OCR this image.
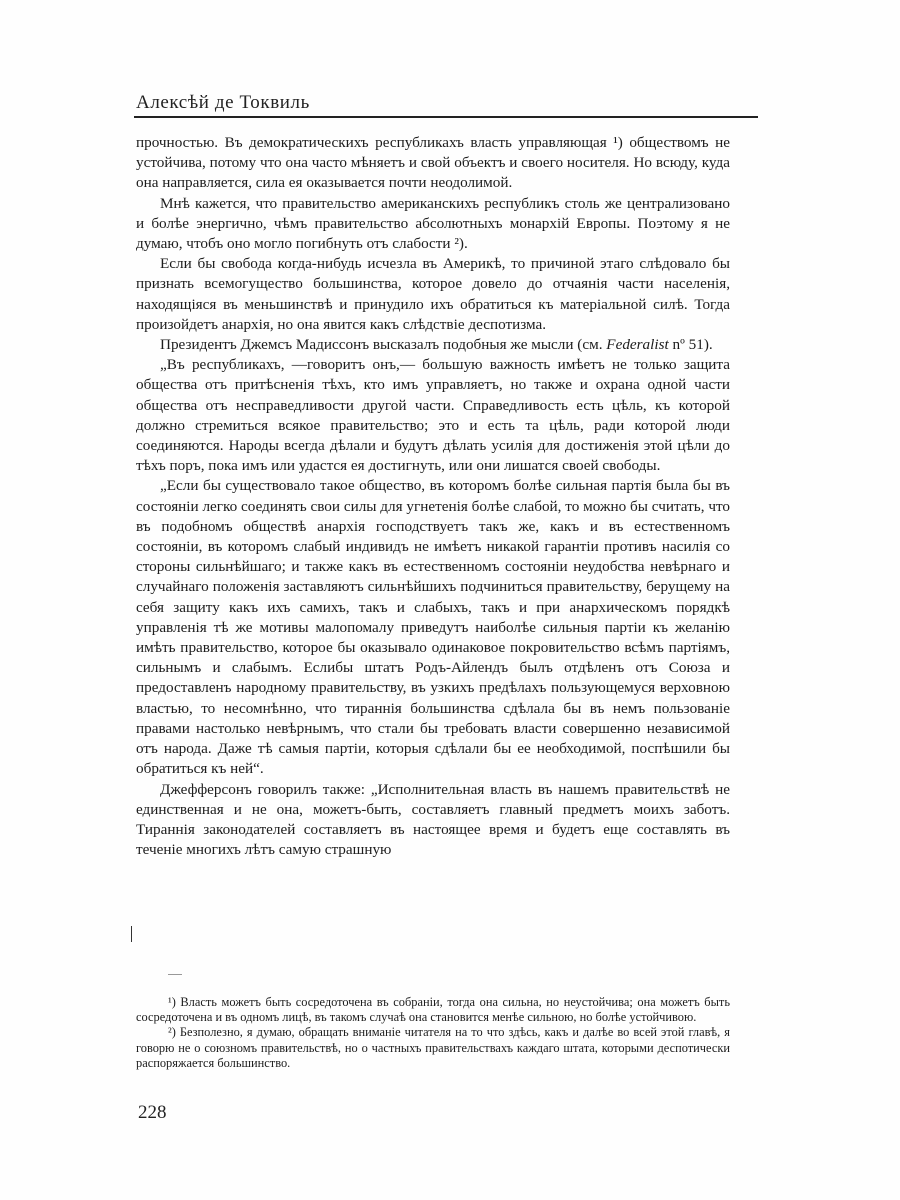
Алексѣй де Токвиль

прочностью. Въ демократическихъ республикахъ власть управляющая ¹) обществомъ не устойчива, потому что она часто мѣняетъ и свой объектъ и своего носителя. Но всюду, куда она направляется, сила ея оказывается почти неодолимой.

Мнѣ кажется, что правительство американскихъ республикъ столь же централизовано и болѣе энергично, чѣмъ правительство абсолютныхъ монархій Европы. Поэтому я не думаю, чтобъ оно могло погибнуть отъ слабости ²).

Если бы свобода когда-нибудь исчезла въ Америкѣ, то причиной этаго слѣдовало бы признать всемогущество большинства, которое довело до отчаянія части населенія, находящіяся въ меньшинствѣ и принудило ихъ обратиться къ матеріальной силѣ. Тогда произойдетъ анархія, но она явится какъ слѣдствіе деспотизма.

Президентъ Джемсъ Мадиссонъ высказалъ подобныя же мысли (см. Federalist nº 51).

„Въ республикахъ, —говоритъ онъ,— большую важность имѣетъ не только защита общества отъ притѣсненія тѣхъ, кто имъ управляетъ, но также и охрана одной части общества отъ несправедливости другой части. Справедливость есть цѣль, къ которой должно стремиться всякое правительство; это и есть та цѣль, ради которой люди соединяются. Народы всегда дѣлали и будутъ дѣлать усилія для достиженія этой цѣли до тѣхъ поръ, пока имъ или удастся ея достигнуть, или они лишатся своей свободы.

„Если бы существовало такое общество, въ которомъ болѣе сильная партія была бы въ состояніи легко соединять свои силы для угнетенія болѣе слабой, то можно бы считать, что въ подобномъ обществѣ анархія господствуетъ такъ же, какъ и въ естественномъ состояніи, въ которомъ слабый индивидъ не имѣетъ никакой гарантіи противъ насилія со стороны сильнѣйшаго; и также какъ въ естественномъ состояніи неудобства невѣрнаго и случайнаго положенія заставляютъ сильнѣйшихъ подчиниться правительству, берущему на себя защиту какъ ихъ самихъ, такъ и слабыхъ, такъ и при анархическомъ порядкѣ управленія тѣ же мотивы малопомалу приведутъ наиболѣе сильныя партіи къ желанію имѣть правительство, которое бы оказывало одинаковое покровительство всѣмъ партіямъ, сильнымъ и слабымъ. Еслибы штатъ Родъ-Айлендъ былъ отдѣленъ отъ Союза и предоставленъ народному правительству, въ узкихъ предѣлахъ пользующемуся верховною властью, то несомнѣнно, что тираннія большинства сдѣлала бы въ немъ пользованіе правами настолько невѣрнымъ, что стали бы требовать власти совершенно независимой отъ народа. Даже тѣ самыя партіи, которыя сдѣлали бы ее необходимой, поспѣшили бы обратиться къ ней“.

Джефферсонъ говорилъ также: „Исполнительная власть въ нашемъ правительствѣ не единственная и не она, можетъ-быть, составляетъ главный предметъ моихъ заботъ. Тираннія законодателей составляетъ въ настоящее время и будетъ еще составлять въ теченіе многихъ лѣтъ самую страшную

¹) Власть можетъ быть сосредоточена въ собраніи, тогда она сильна, но неустойчива; она можетъ быть сосредоточена и въ одномъ лицѣ, въ такомъ случаѣ она становится менѣе сильною, но болѣе устойчивою.

²) Безполезно, я думаю, обращать вниманіе читателя на то что здѣсь, какъ и далѣе во всей этой главѣ, я говорю не о союзномъ правительствѣ, но о частныхъ правительствахъ каждаго штата, которыми деспотически распоряжается большинство.

228
